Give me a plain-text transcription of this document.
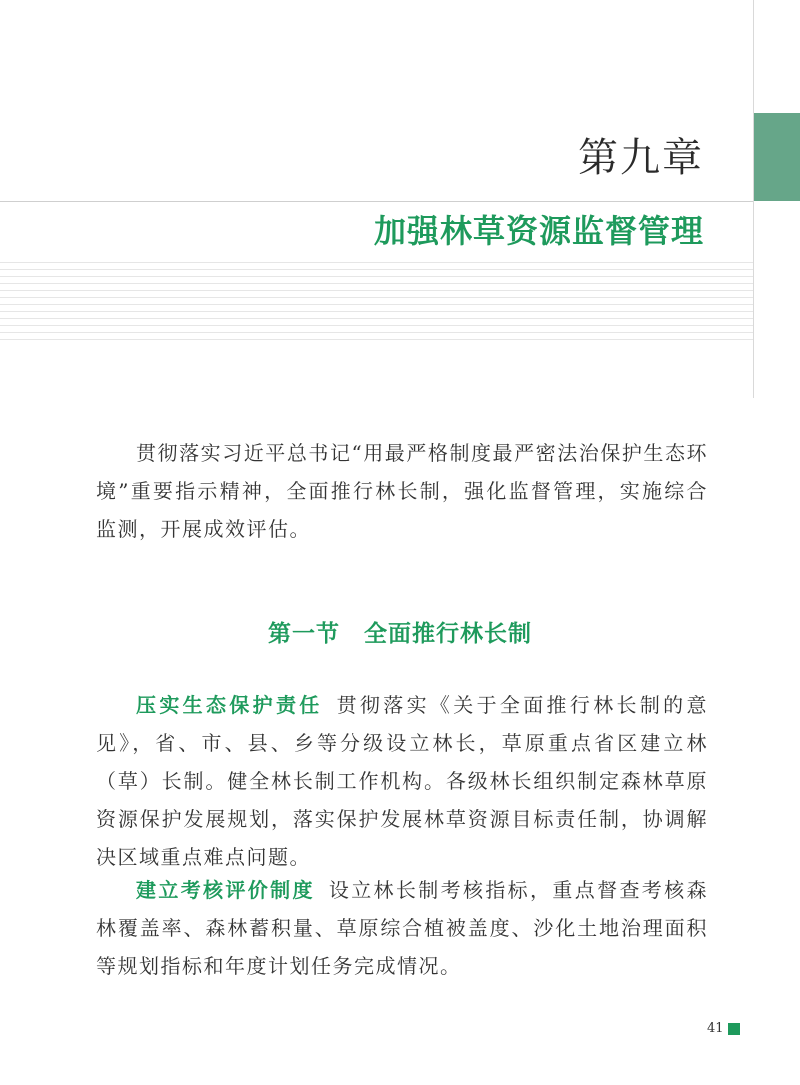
第九章
加强林草资源监督管理

贯彻落实习近平总书记“用最严格制度最严密法治保护生态环境”重要指示精神，全面推行林长制，强化监督管理，实施综合监测，开展成效评估。

第一节　全面推行林长制

压实生态保护责任 贯彻落实《关于全面推行林长制的意见》，省、市、县、乡等分级设立林长，草原重点省区建立林（草）长制。健全林长制工作机构。各级林长组织制定森林草原资源保护发展规划，落实保护发展林草资源目标责任制，协调解决区域重点难点问题。

建立考核评价制度 设立林长制考核指标，重点督查考核森林覆盖率、森林蓄积量、草原综合植被盖度、沙化土地治理面积等规划指标和年度计划任务完成情况。

41
